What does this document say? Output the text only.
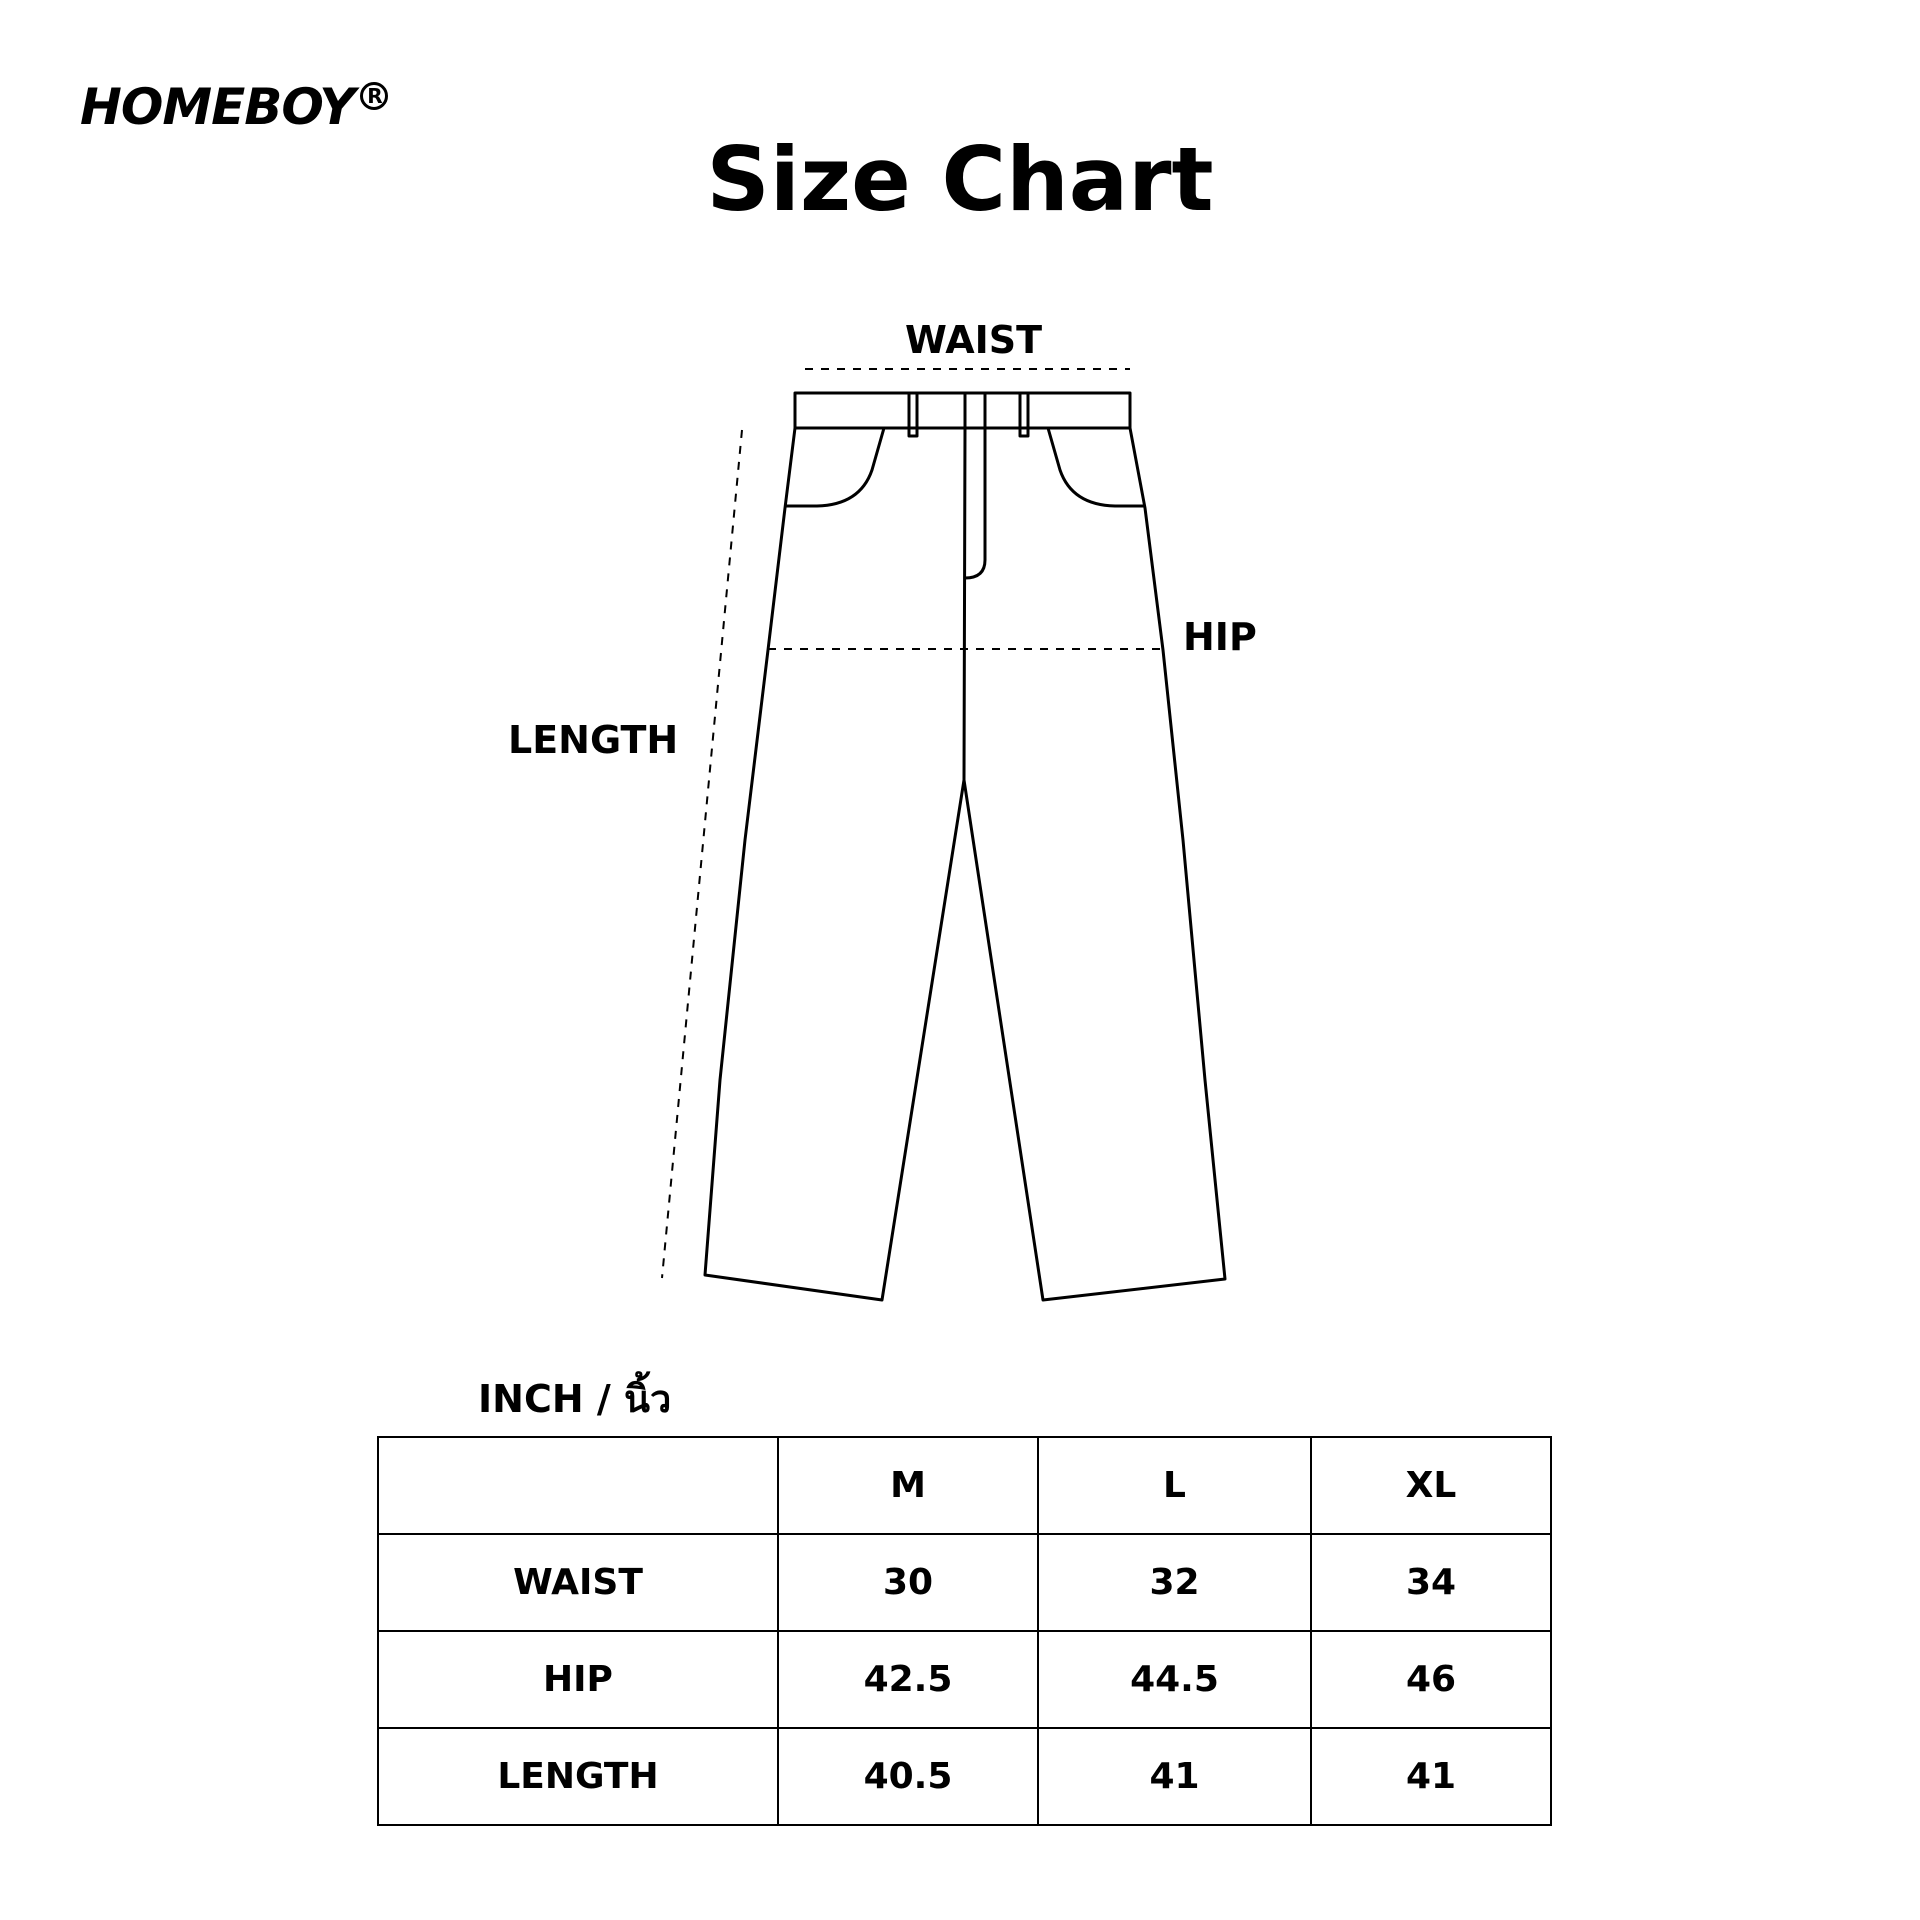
HOMEBOY R
Size Chart
WAIST
HIP
LENGTH
INCH / นิ้ว
	M	L	XL
WAIST	30	32	34
HIP	42.5	44.5	46
LENGTH	40.5	41	41
